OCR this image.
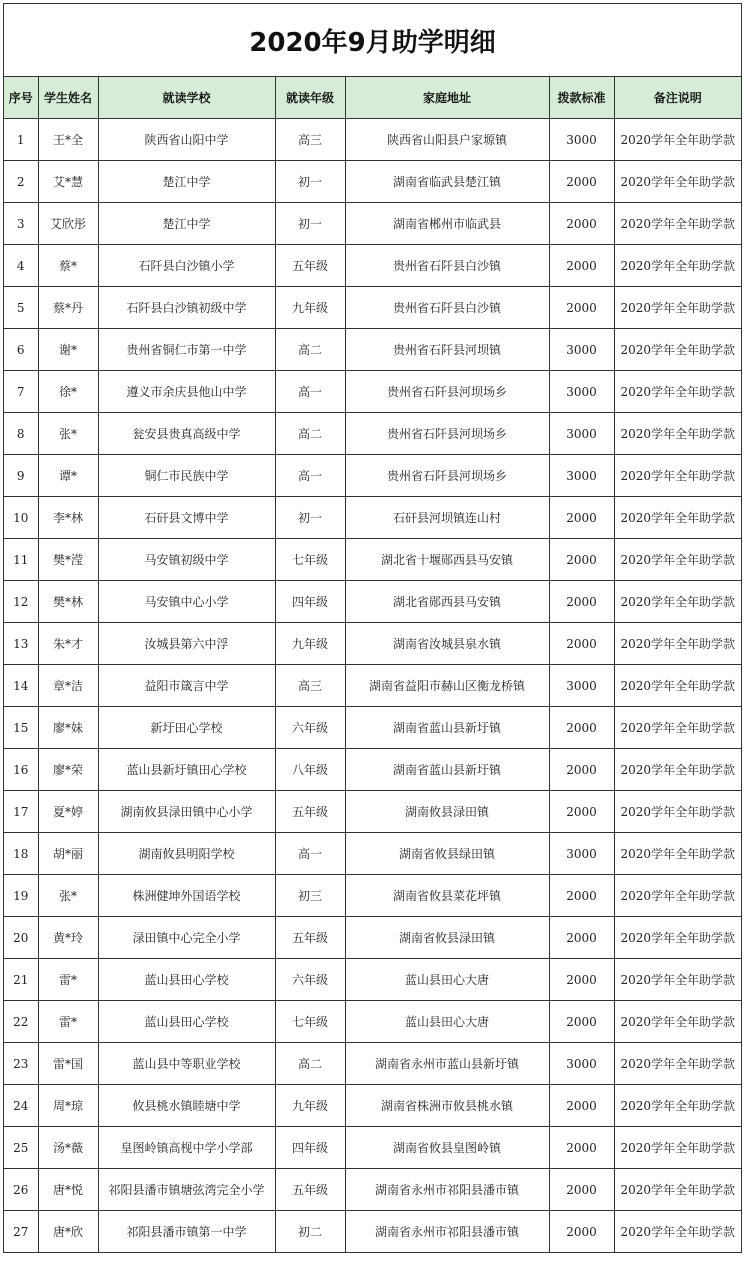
2020年9月助学明细
序号	学生姓名	就读学校	就读年级	家庭地址	拨款标准	备注说明
1	王*全	陕西省山阳中学	高三	陕西省山阳县户家塬镇	3000	2020学年全年助学款
2	艾*慧	楚江中学	初一	湖南省临武县楚江镇	2000	2020学年全年助学款
3	艾欣彤	楚江中学	初一	湖南省郴州市临武县	2000	2020学年全年助学款
4	蔡*	石阡县白沙镇小学	五年级	贵州省石阡县白沙镇	2000	2020学年全年助学款
5	蔡*丹	石阡县白沙镇初级中学	九年级	贵州省石阡县白沙镇	2000	2020学年全年助学款
6	谢*	贵州省铜仁市第一中学	高二	贵州省石阡县河坝镇	3000	2020学年全年助学款
7	徐*	遵义市余庆县他山中学	高一	贵州省石阡县河坝场乡	3000	2020学年全年助学款
8	张*	瓮安县贵真高级中学	高二	贵州省石阡县河坝场乡	3000	2020学年全年助学款
9	谭*	铜仁市民族中学	高一	贵州省石阡县河坝场乡	3000	2020学年全年助学款
10	李*林	石矸县文博中学	初一	石矸县河坝镇连山村	2000	2020学年全年助学款
11	樊*滢	马安镇初级中学	七年级	湖北省十堰郧西县马安镇	2000	2020学年全年助学款
12	樊*林	马安镇中心小学	四年级	湖北省郧西县马安镇	2000	2020学年全年助学款
13	朱*才	汝城县第六中浮	九年级	湖南省汝城县泉水镇	2000	2020学年全年助学款
14	章*洁	益阳市箴言中学	高三	湖南省益阳市赫山区衡龙桥镇	3000	2020学年全年助学款
15	廖*妹	新圩田心学校	六年级	湖南省蓝山县新圩镇	2000	2020学年全年助学款
16	廖*荣	蓝山县新圩镇田心学校	八年级	湖南省蓝山县新圩镇	2000	2020学年全年助学款
17	夏*婷	湖南攸县渌田镇中心小学	五年级	湖南攸县渌田镇	2000	2020学年全年助学款
18	胡*丽	湖南攸县明阳学校	高一	湖南省攸县绿田镇	3000	2020学年全年助学款
19	张*	株洲健坤外国语学校	初三	湖南省攸县菜花坪镇	2000	2020学年全年助学款
20	黄*玲	渌田镇中心完全小学	五年级	湖南省攸县渌田镇	2000	2020学年全年助学款
21	雷*	蓝山县田心学校	六年级	蓝山县田心大唐	2000	2020学年全年助学款
22	雷*	蓝山县田心学校	七年级	蓝山县田心大唐	2000	2020学年全年助学款
23	雷*国	蓝山县中等职业学校	高二	湖南省永州市蓝山县新圩镇	3000	2020学年全年助学款
24	周*琼	攸县桃水镇睦塘中学	九年级	湖南省株洲市攸县桃水镇	2000	2020学年全年助学款
25	汤*薇	皇图岭镇高枧中学小学部	四年级	湖南省攸县皇图岭镇	2000	2020学年全年助学款
26	唐*悦	祁阳县潘市镇塘弦湾完全小学	五年级	湖南省永州市祁阳县潘市镇	2000	2020学年全年助学款
27	唐*欣	祁阳县潘市镇第一中学	初二	湖南省永州市祁阳县潘市镇	2000	2020学年全年助学款
